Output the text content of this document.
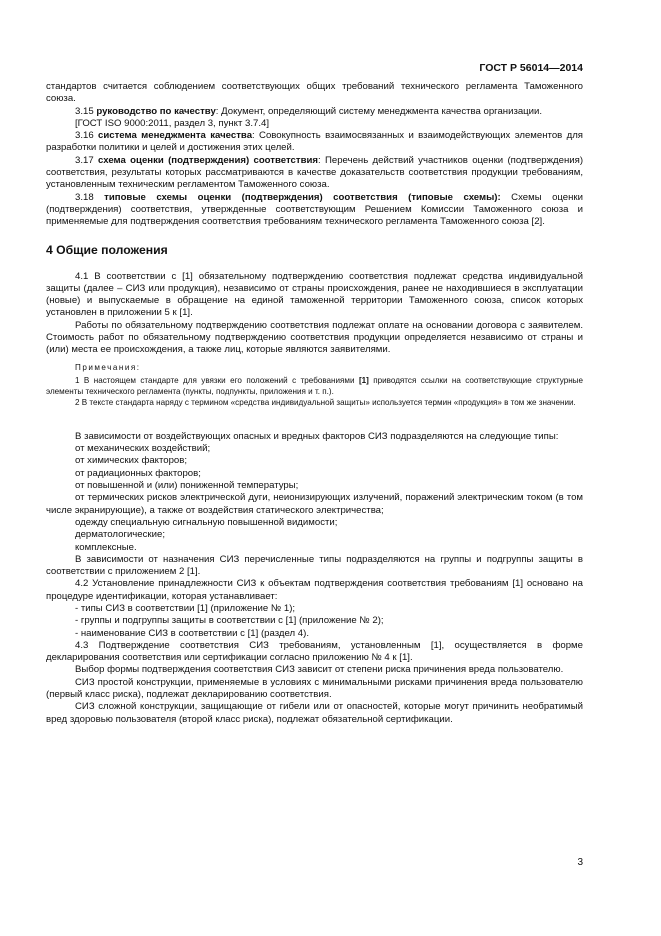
ГОСТ Р 56014—2014

стандартов считается соблюдением соответствующих общих требований технического регламента Таможенного союза.

3.15 руководство по качеству: Документ, определяющий систему менеджмента качества организации.

[ГОСТ ISO 9000:2011, раздел 3, пункт 3.7.4]

3.16 система менеджмента качества: Совокупность взаимосвязанных и взаимодействующих элементов для разработки политики и целей и достижения этих целей.

3.17 схема оценки (подтверждения) соответствия: Перечень действий участников оценки (подтверждения) соответствия, результаты которых рассматриваются в качестве доказательств соответствия продукции требованиям, установленным техническим регламентом Таможенного союза.

3.18 типовые схемы оценки (подтверждения) соответствия (типовые схемы): Схемы оценки (подтверждения) соответствия, утвержденные соответствующим Решением Комиссии Таможенного союза и применяемые для подтверждения соответствия требованиям технического регламента Таможенного союза [2].

4 Общие положения

4.1 В соответствии с [1] обязательному подтверждению соответствия подлежат средства индивидуальной защиты (далее – СИЗ или продукция), независимо от страны происхождения, ранее не находившиеся в эксплуатации (новые) и выпускаемые в обращение на единой таможенной территории Таможенного союза, список которых установлен в приложении 5 к [1].

Работы по обязательному подтверждению соответствия подлежат оплате на основании договора с заявителем. Стоимость работ по обязательному подтверждению соответствия продукции определяется независимо от страны и (или) места ее происхождения, а также лиц, которые являются заявителями.

Примечания:

1 В настоящем стандарте для увязки его положений с требованиями [1] приводятся ссылки на соответствующие структурные элементы технического регламента (пункты, подпункты, приложения и т. п.).

2 В тексте стандарта наряду с термином «средства индивидуальной защиты» используется термин «продукция» в том же значении.

В зависимости от воздействующих опасных и вредных факторов СИЗ подразделяются на следующие типы:

от механических воздействий;

от химических факторов;

от радиационных факторов;

от повышенной и (или) пониженной температуры;

от термических рисков электрической дуги, неионизирующих излучений, поражений электрическим током (в том числе экранирующие), а также от воздействия статического электричества;

одежду специальную сигнальную повышенной видимости;

дерматологические;

комплексные.

В зависимости от назначения СИЗ перечисленные типы подразделяются на группы и подгруппы защиты в соответствии с приложением 2 [1].

4.2 Установление принадлежности СИЗ к объектам подтверждения соответствия требованиям [1] основано на процедуре идентификации, которая устанавливает:

- типы СИЗ в соответствии [1] (приложение № 1);

- группы и подгруппы защиты в соответствии с [1] (приложение № 2);

- наименование СИЗ в соответствии с [1] (раздел 4).

4.3 Подтверждение соответствия СИЗ требованиям, установленным [1], осуществляется в форме декларирования соответствия или сертификации согласно приложению № 4 к [1].

Выбор формы подтверждения соответствия СИЗ зависит от степени риска причинения вреда пользователю.

СИЗ простой конструкции, применяемые в условиях с минимальными рисками причинения вреда пользователю (первый класс риска), подлежат декларированию соответствия.

СИЗ сложной конструкции, защищающие от гибели или от опасностей, которые могут причинить необратимый вред здоровью пользователя (второй класс риска), подлежат обязательной сертификации.

3
